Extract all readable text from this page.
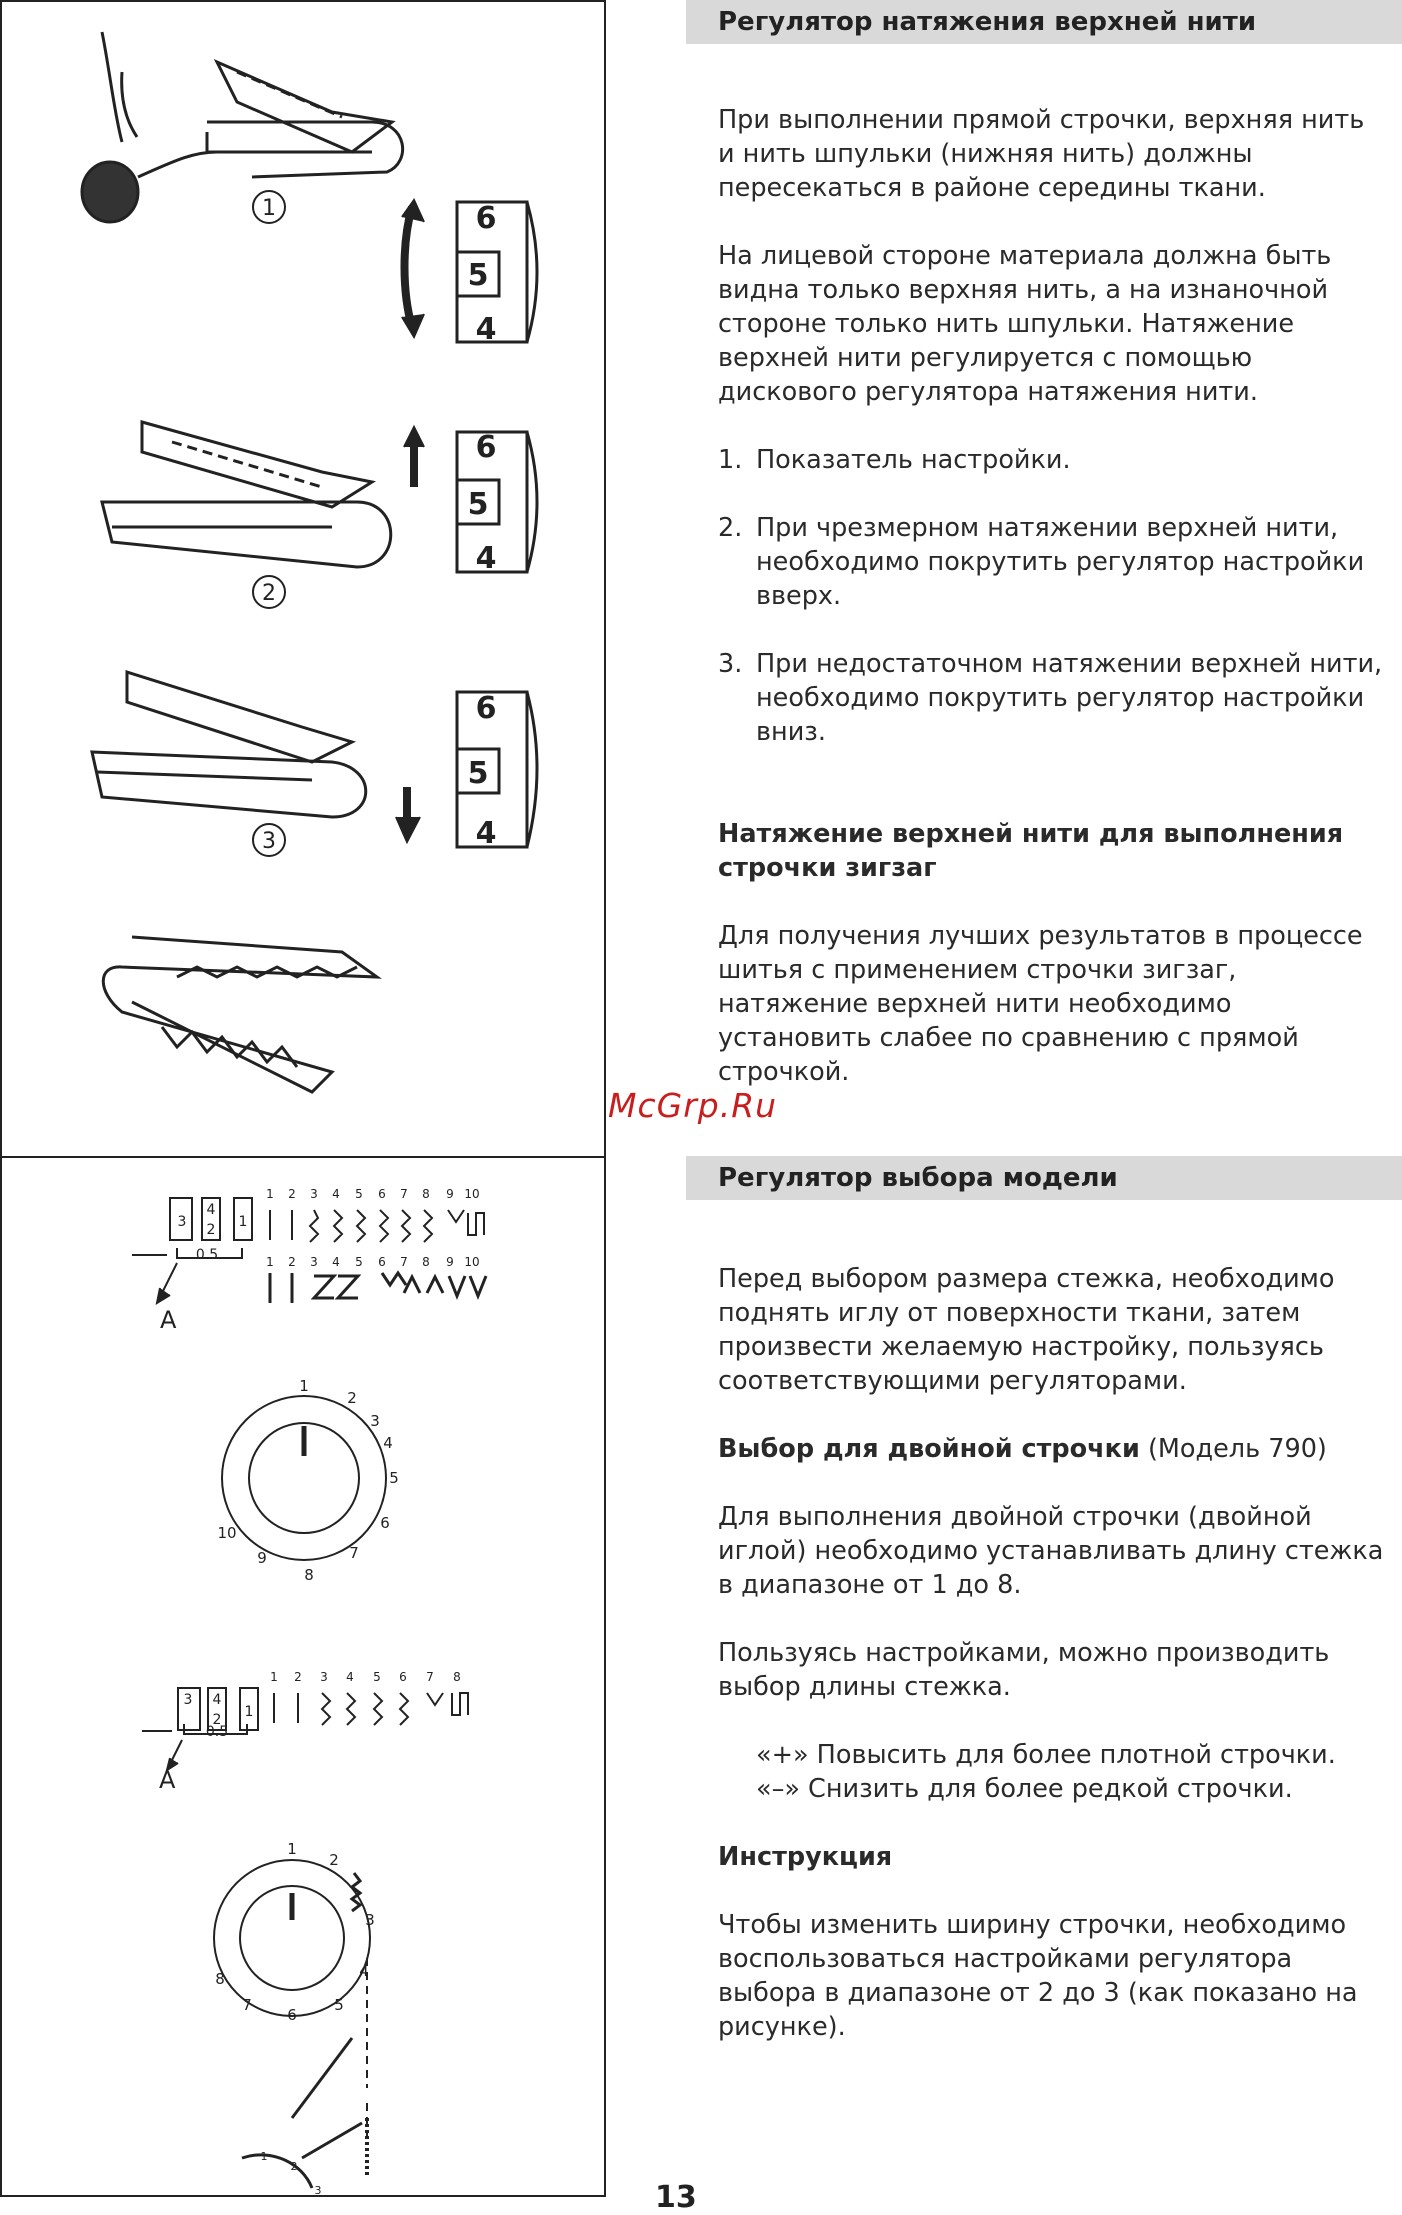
1
2
3
6
5
4
6
5
4
6
5
4
3
4
2 1
0.5
3 4
2 1
0.5
A
A
1 2 3 4 5 6 7 8 9 10
1 2 3 4 5 6 7 8 9 10
1 2 3 4 5 6 7 8
1
2
3
4
5
6
7
8
9
10
1
2
3
4
5
6
7
8
1
2
3
Регулятор натяжения верхней нити

При выполнении прямой строчки, верхняя нить и нить шпульки (нижняя нить) должны пересекаться в районе середины ткани.

На лицевой стороне материала должна быть видна только верхняя нить, а на изнаночной стороне только нить шпульки. Натяжение верхней нити регулируется с помощью дискового регулятора натяжения нити.

1. Показатель настройки.

2. При чрезмерном натяжении верхней нити, необходимо покрутить регулятор настройки вверх.

3. При недостаточном натяжении верхней нити, необходимо покрутить регулятор настройки вниз.

Натяжение верхней нити для выполнения строчки зигзаг

Для получения лучших результатов в процессе шитья с применением строчки зигзаг, натяжение верхней нити необходимо установить слабее по сравнению с прямой строчкой.

McGrp.Ru
Регулятор выбора модели

Перед выбором размера стежка, необходимо поднять иглу от поверхности ткани, затем произвести желаемую настройку, пользуясь соответствующими регуляторами.

Выбор для двойной строчки (Модель 790)

Для выполнения двойной строчки (двойной иглой) необходимо устанавливать длину стежка в диапазоне от 1 до 8.

Пользуясь настройками, можно производить выбор длины стежка.

«+» Повысить для более плотной строчки.
«–» Снизить для более редкой строчки.

Инструкция

Чтобы изменить ширину строчки, необходимо воспользоваться настройками регулятора выбора в диапазоне от 2 до 3 (как показано на рисунке).

13
